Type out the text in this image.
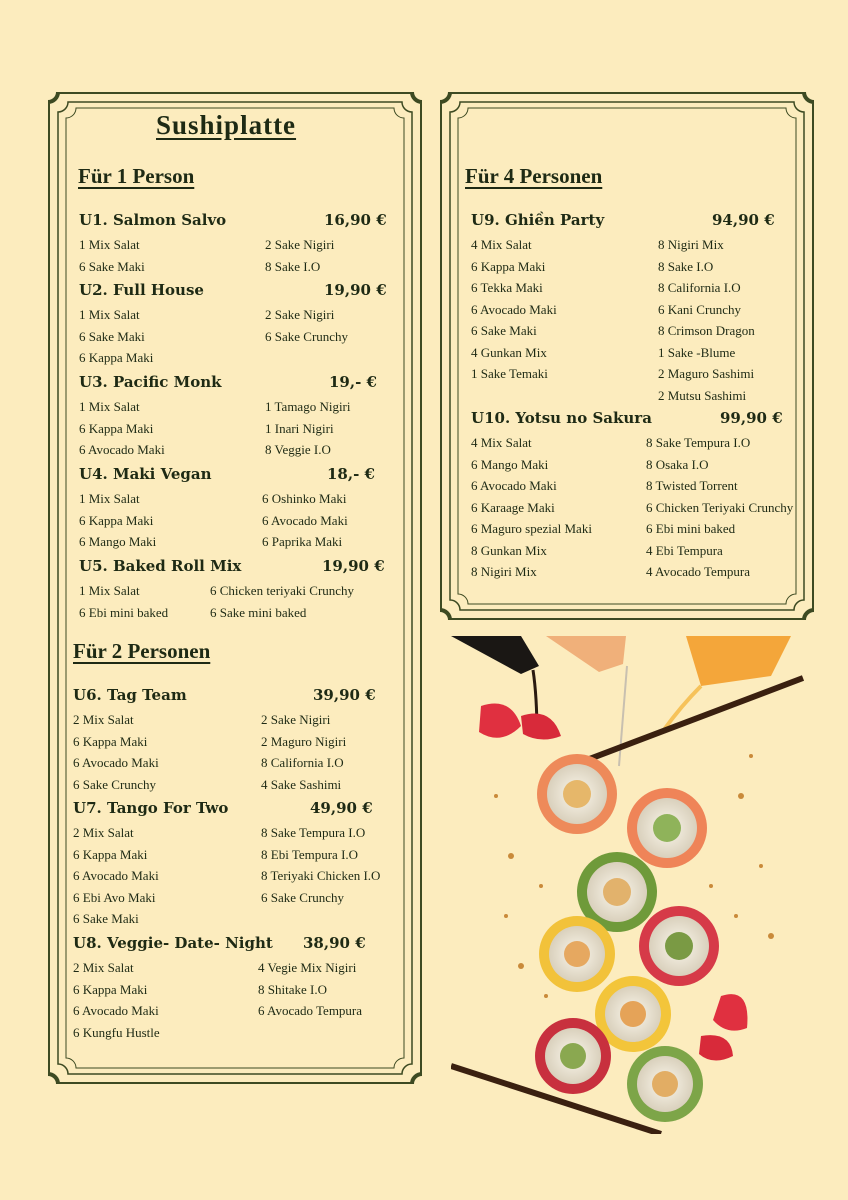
Sushiplatte
Für 1 Person
Für 2 Personen
Für 4 Personen
U1. Salmon Salvo	16,90 €
1 Mix Salat
6 Sake Maki
2 Sake Nigiri
8 Sake I.O
U2. Full House	19,90 €
1 Mix Salat
6 Sake Maki
6 Kappa Maki
2 Sake Nigiri
6 Sake Crunchy
U3. Pacific Monk	19,- €
1 Mix Salat
6 Kappa Maki
6 Avocado Maki
1 Tamago Nigiri
1 Inari Nigiri
8 Veggie I.O
U4. Maki Vegan	18,- €
1 Mix Salat
6 Kappa Maki
6 Mango Maki
6 Oshinko Maki
6 Avocado Maki
6 Paprika Maki
U5. Baked Roll Mix	19,90 €
1 Mix Salat
6 Ebi mini baked
6 Chicken teriyaki Crunchy
6 Sake mini baked
U6. Tag Team	39,90 €
2 Mix Salat
6 Kappa Maki
6 Avocado Maki
6 Sake Crunchy
2 Sake Nigiri
2 Maguro Nigiri
8 California I.O
4 Sake Sashimi
U7. Tango For Two	49,90 €
2 Mix Salat
6 Kappa Maki
6 Avocado Maki
6 Ebi Avo Maki
6 Sake Maki
8 Sake Tempura I.O
8 Ebi Tempura I.O
8 Teriyaki Chicken I.O
6 Sake Crunchy
U8. Veggie- Date- Night 38,90 €
2 Mix Salat
6 Kappa Maki
6 Avocado Maki
6 Kungfu Hustle
4 Vegie Mix Nigiri
8 Shitake I.O
6 Avocado Tempura
U9. Ghiền Party	94,90 €
4 Mix Salat
6 Kappa Maki
6 Tekka Maki
6 Avocado Maki
6 Sake Maki
4 Gunkan Mix
1 Sake Temaki
8 Nigiri Mix
8 Sake I.O
8 California I.O
6 Kani Crunchy
8 Crimson Dragon
1 Sake -Blume
2 Maguro Sashimi
2 Mutsu Sashimi
U10. Yotsu no Sakura	99,90 €
4 Mix Salat
6 Mango Maki
6 Avocado Maki
6 Karaage Maki
6 Maguro spezial Maki
8 Gunkan Mix
8 Nigiri Mix
8 Sake Tempura I.O
8 Osaka I.O
8 Twisted Torrent
6 Chicken Teriyaki Crunchy
6 Ebi mini baked
4 Ebi Tempura
4 Avocado Tempura
